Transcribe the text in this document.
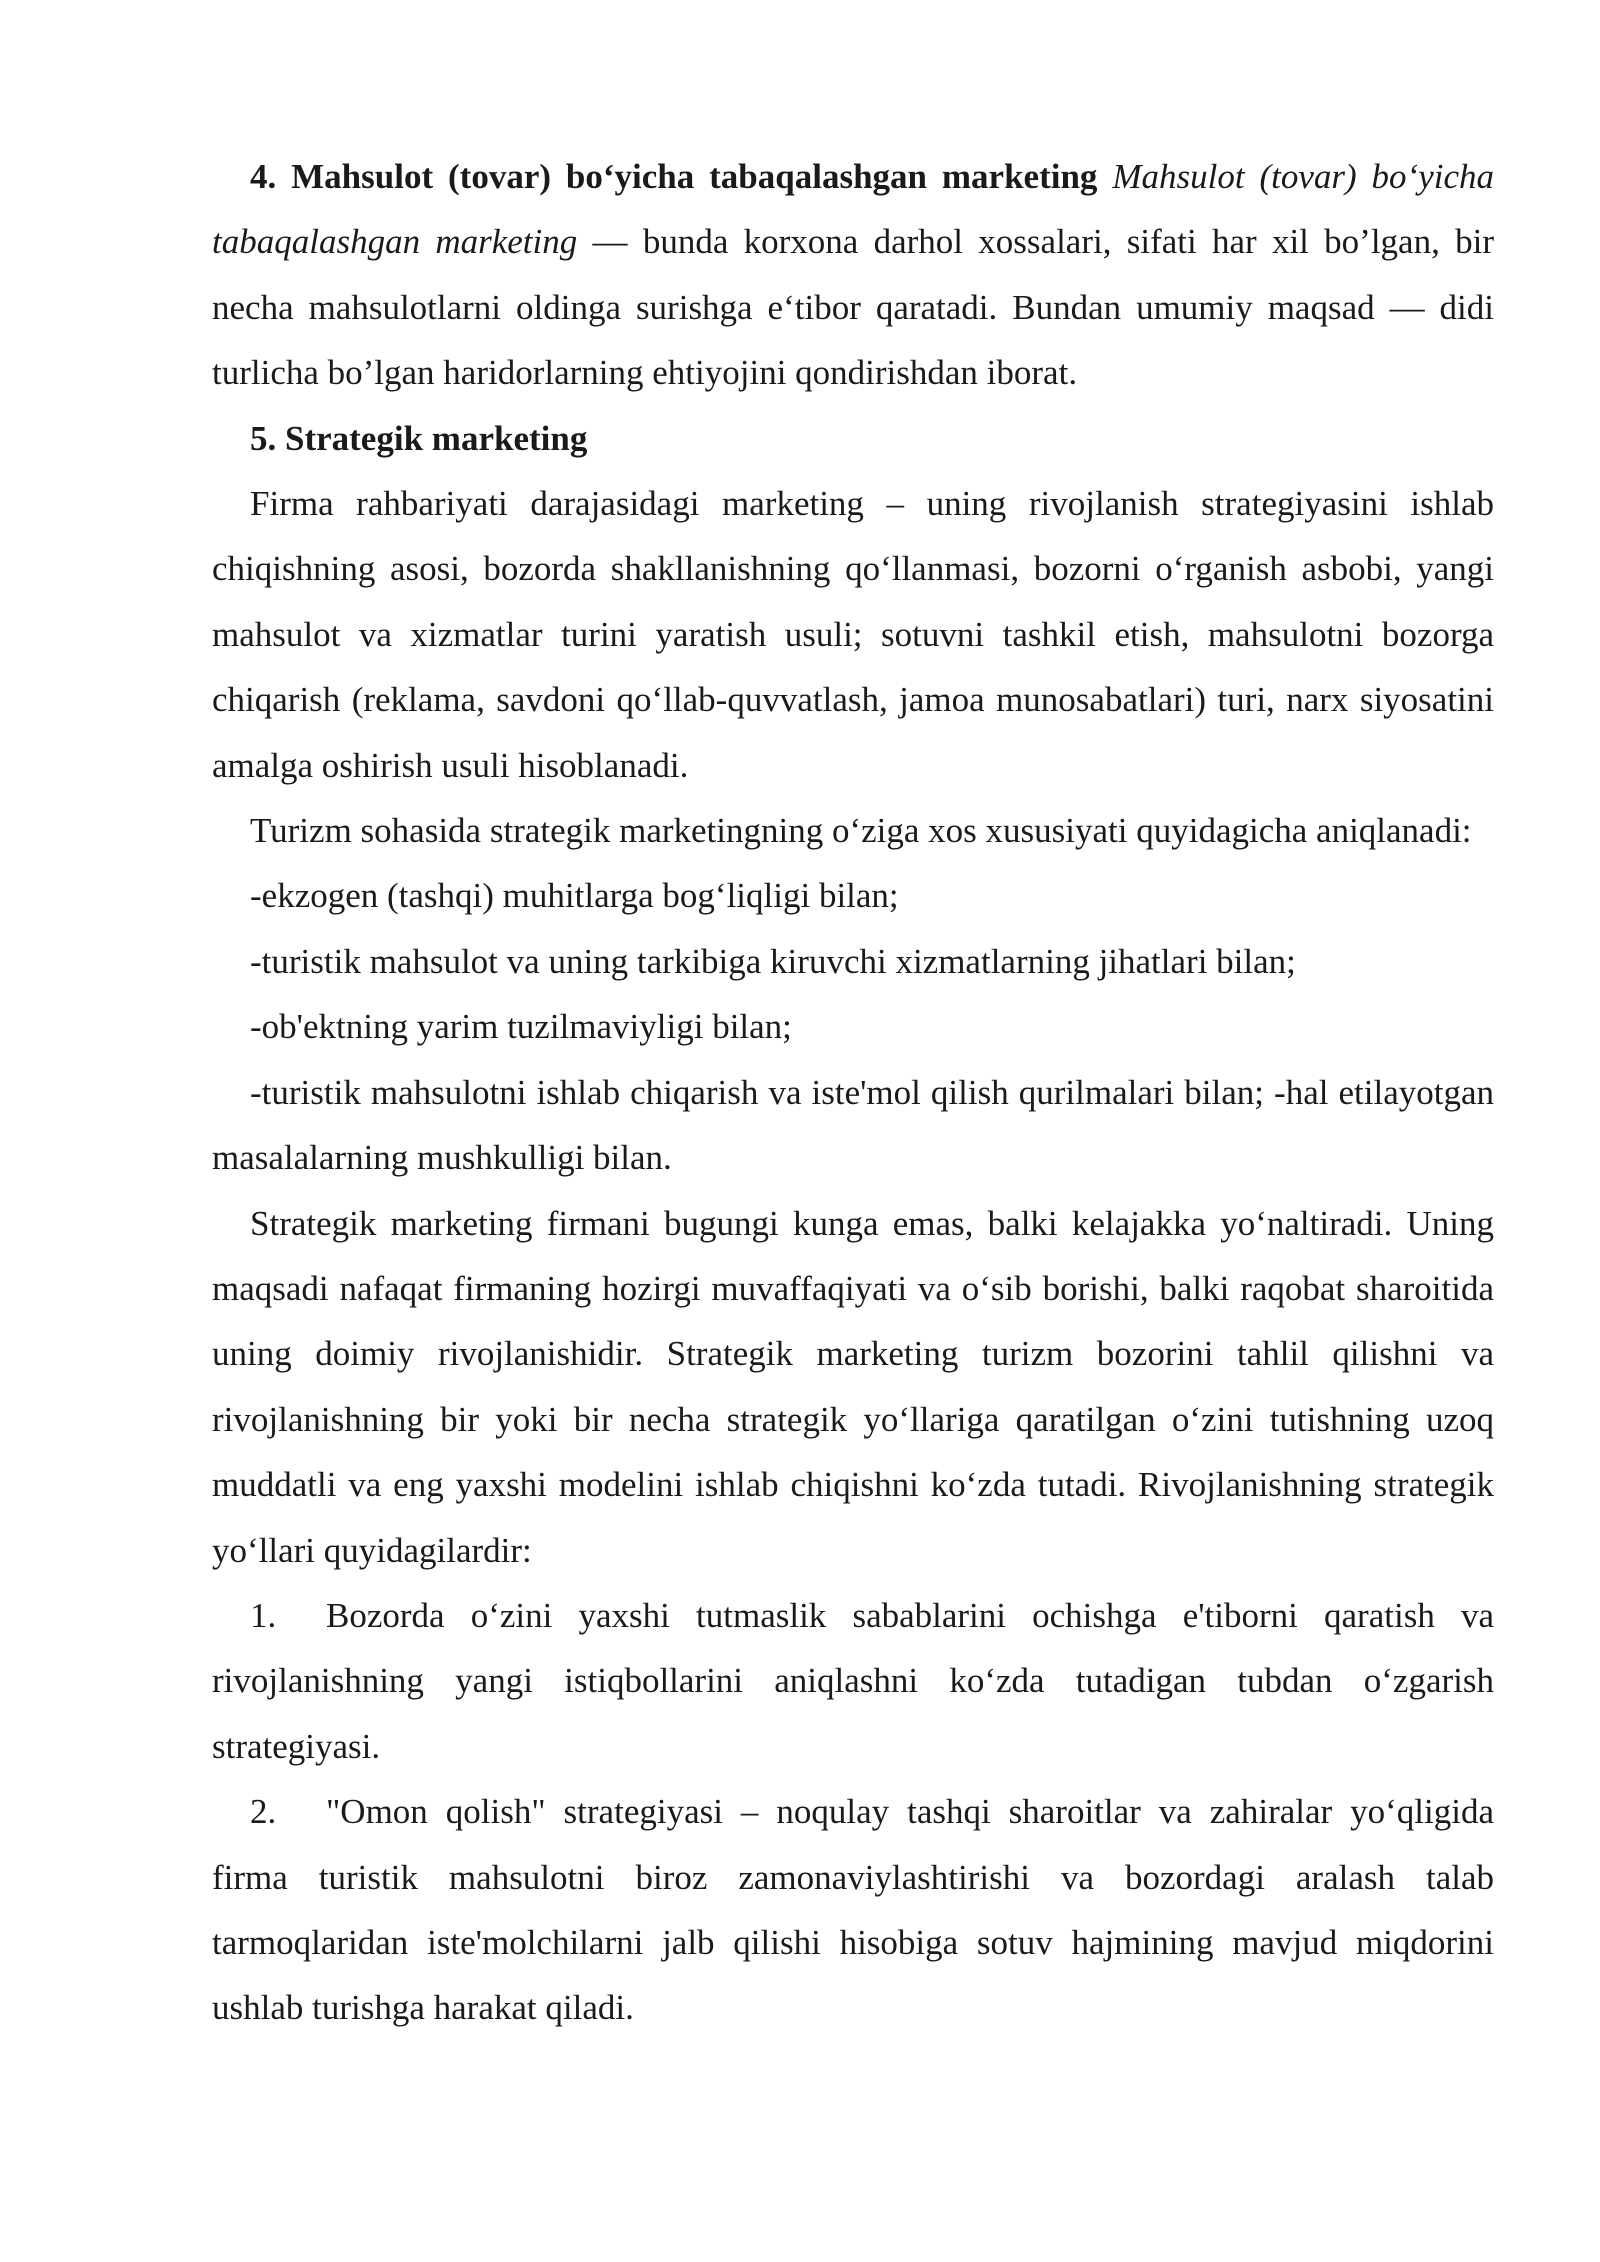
4. Mahsulot (tovar) bo‘yicha tabaqalashgan marketing Mahsulot (tovar) bo‘yicha tabaqalashgan marketing — bunda korxona darhol xossalari, sifati har xil bo’lgan, bir necha mahsulotlarni oldinga surishga e‘tibor qaratadi. Bundan umumiy maqsad — didi turlicha bo’lgan haridorlarning ehtiyojini qondirishdan iborat.

5. Strategik marketing

Firma rahbariyati darajasidagi marketing – uning rivojlanish strategiyasini ishlab chiqishning asosi, bozorda shakllanishning qo‘llanmasi, bozorni o‘rganish asbobi, yangi mahsulot va xizmatlar turini yaratish usuli; sotuvni tashkil etish, mahsulotni bozorga chiqarish (reklama, savdoni qo‘llab-quvvatlash, jamoa munosabatlari) turi, narx siyosatini amalga oshirish usuli hisoblanadi.

Turizm sohasida strategik marketingning o‘ziga xos xususiyati quyidagicha aniqlanadi:

-ekzogen (tashqi) muhitlarga bog‘liqligi bilan;

-turistik mahsulot va uning tarkibiga kiruvchi xizmatlarning jihatlari bilan;

-ob'ektning yarim tuzilmaviyligi bilan;

-turistik mahsulotni ishlab chiqarish va iste'mol qilish qurilmalari bilan; -hal etilayotgan masalalarning mushkulligi bilan.

Strategik marketing firmani bugungi kunga emas, balki kelajakka yo‘naltiradi. Uning maqsadi nafaqat firmaning hozirgi muvaffaqiyati va o‘sib borishi, balki raqobat sharoitida uning doimiy rivojlanishidir. Strategik marketing turizm bozorini tahlil qilishni va rivojlanishning bir yoki bir necha strategik yo‘llariga qaratilgan o‘zini tutishning uzoq muddatli va eng yaxshi modelini ishlab chiqishni ko‘zda tutadi. Rivojlanishning strategik yo‘llari quyidagilardir:

1. Bozorda o‘zini yaxshi tutmaslik sabablarini ochishga e'tiborni qaratish va rivojlanishning yangi istiqbollarini aniqlashni ko‘zda tutadigan tubdan o‘zgarish strategiyasi.

2. "Omon qolish" strategiyasi – noqulay tashqi sharoitlar va zahiralar yo‘qligida firma turistik mahsulotni biroz zamonaviylashtirishi va bozordagi aralash talab tarmoqlaridan iste'molchilarni jalb qilishi hisobiga sotuv hajmining mavjud miqdorini ushlab turishga harakat qiladi.
